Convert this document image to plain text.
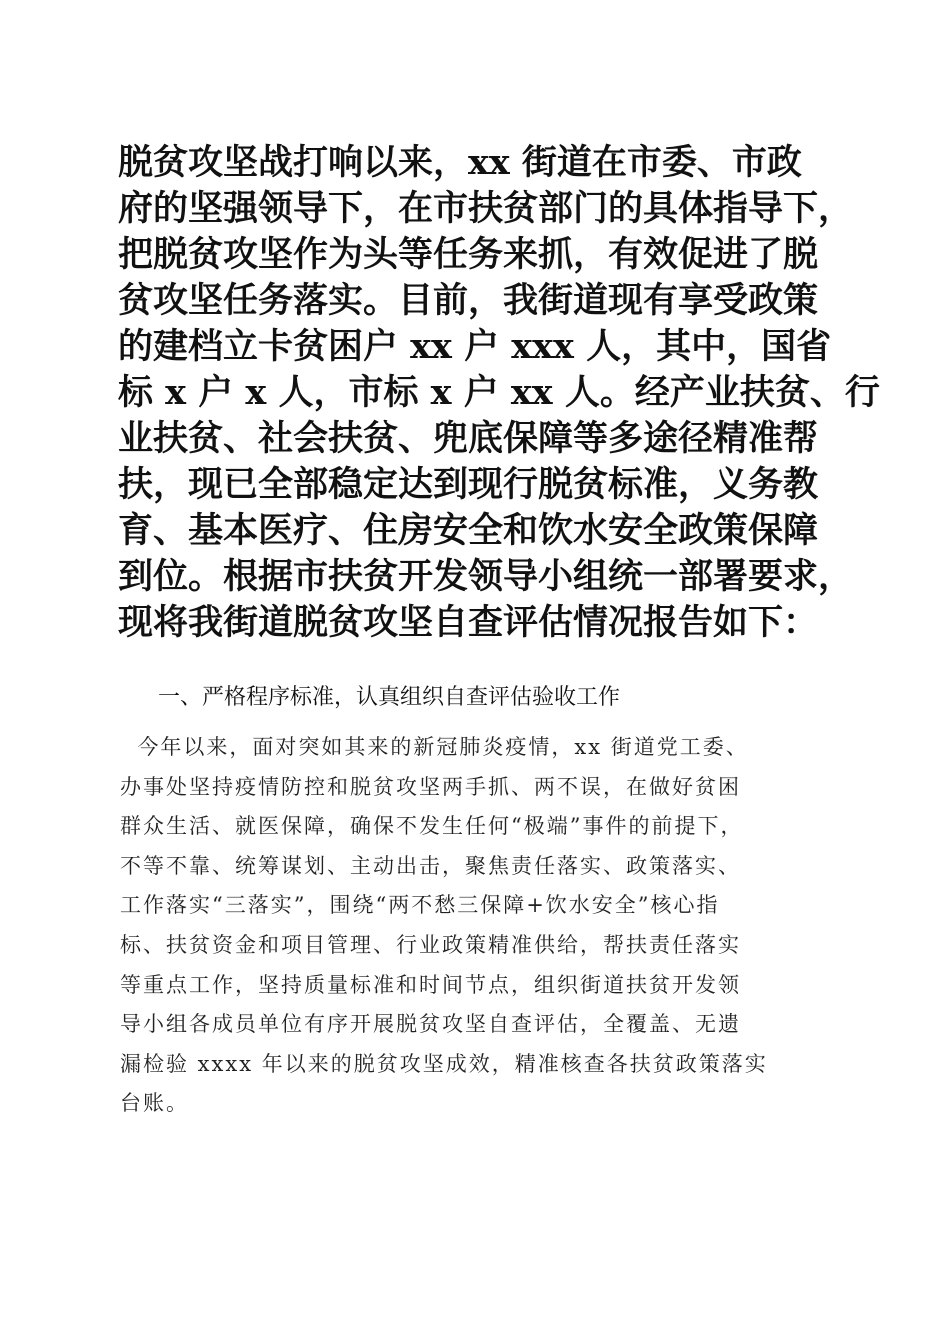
脱贫攻坚战打响以来，xx 街道在市委、市政
府的坚强领导下，在市扶贫部门的具体指导下，
把脱贫攻坚作为头等任务来抓，有效促进了脱
贫攻坚任务落实。目前，我街道现有享受政策
的建档立卡贫困户 xx 户 xxx 人，其中，国省
标 x 户 x 人，市标 x 户 xx 人。经产业扶贫、行
业扶贫、社会扶贫、兜底保障等多途径精准帮
扶，现已全部稳定达到现行脱贫标准，义务教
育、基本医疗、住房安全和饮水安全政策保障
到位。根据市扶贫开发领导小组统一部署要求，
现将我街道脱贫攻坚自查评估情况报告如下：
一、严格程序标准，认真组织自查评估验收工作
今年以来，面对突如其来的新冠肺炎疫情，xx 街道党工委、
办事处坚持疫情防控和脱贫攻坚两手抓、两不误，在做好贫困
群众生活、就医保障，确保不发生任何“极端”事件的前提下，
不等不靠、统筹谋划、主动出击，聚焦责任落实、政策落实、
工作落实“三落实”，围绕“两不愁三保障+饮水安全”核心指
标、扶贫资金和项目管理、行业政策精准供给，帮扶责任落实
等重点工作，坚持质量标准和时间节点，组织街道扶贫开发领
导小组各成员单位有序开展脱贫攻坚自查评估，全覆盖、无遗
漏检验 xxxx 年以来的脱贫攻坚成效，精准核查各扶贫政策落实
台账。
